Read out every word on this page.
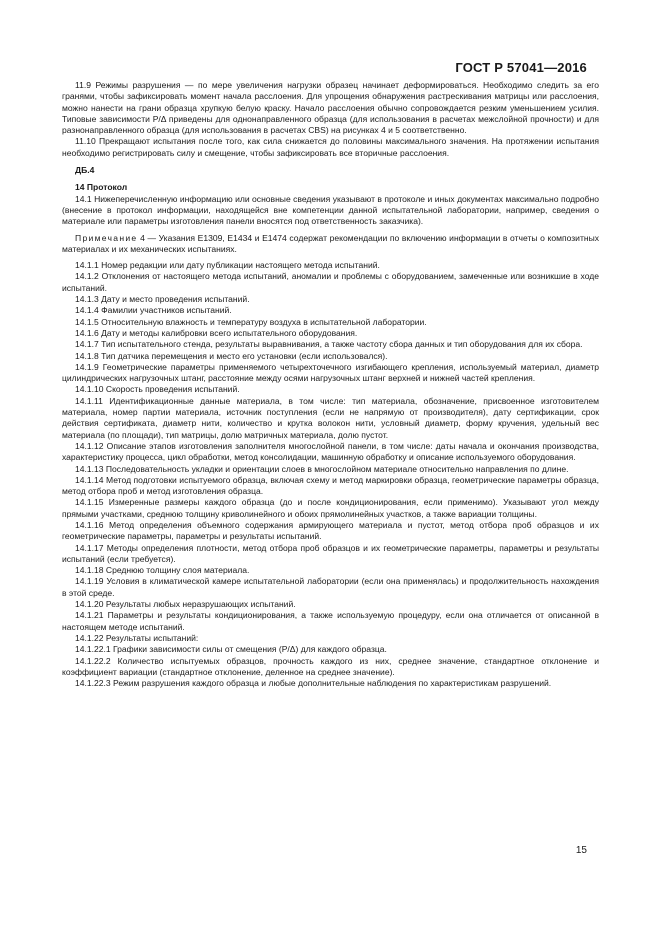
ГОСТ Р 57041—2016

11.9 Режимы разрушения — по мере увеличения нагрузки образец начинает деформироваться. Необходимо следить за его гранями, чтобы зафиксировать момент начала расслоения. Для упрощения обнаружения растрескивания матрицы или расслоения, можно нанести на грани образца хрупкую белую краску. Начало расслоения обычно сопровождается резким уменьшением усилия. Типовые зависимости P/Δ приведены для однонаправленного образца (для использования в расчетах межслойной прочности) и для разнонаправленного образца (для использования в расчетах CBS) на рисунках 4 и 5 соответственно.

11.10 Прекращают испытания после того, как сила снижается до половины максимального значения. На протяжении испытания необходимо регистрировать силу и смещение, чтобы зафиксировать все вторичные расслоения.

ДБ.4

14 Протокол

14.1 Нижеперечисленную информацию или основные сведения указывают в протоколе и иных документах максимально подробно (внесение в протокол информации, находящейся вне компетенции данной испытательной лаборатории, например, сведения о материале или параметры изготовления панели вносятся под ответственность заказчика).

Примечание 4 — Указания E1309, E1434 и E1474 содержат рекомендации по включению информации в отчеты о композитных материалах и их механических испытаниях.

14.1.1 Номер редакции или дату публикации настоящего метода испытаний.

14.1.2 Отклонения от настоящего метода испытаний, аномалии и проблемы с оборудованием, замеченные или возникшие в ходе испытаний.

14.1.3 Дату и место проведения испытаний.

14.1.4 Фамилии участников испытаний.

14.1.5 Относительную влажность и температуру воздуха в испытательной лаборатории.

14.1.6 Дату и методы калибровки всего испытательного оборудования.

14.1.7 Тип испытательного стенда, результаты выравнивания, а также частоту сбора данных и тип оборудования для их сбора.

14.1.8 Тип датчика перемещения и место его установки (если использовался).

14.1.9 Геометрические параметры применяемого четырехточечного изгибающего крепления, используемый материал, диаметр цилиндрических нагрузочных штанг, расстояние между осями нагрузочных штанг верхней и нижней частей крепления.

14.1.10 Скорость проведения испытаний.

14.1.11 Идентификационные данные материала, в том числе: тип материала, обозначение, присвоенное изготовителем материала, номер партии материала, источник поступления (если не напрямую от производителя), дату сертификации, срок действия сертификата, диаметр нити, количество и крутка волокон нити, условный диаметр, форму кручения, удельный вес материала (по площади), тип матрицы, долю матричных материала, долю пустот.

14.1.12 Описание этапов изготовления заполнителя многослойной панели, в том числе: даты начала и окончания производства, характеристику процесса, цикл обработки, метод консолидации, машинную обработку и описание используемого оборудования.

14.1.13 Последовательность укладки и ориентации слоев в многослойном материале относительно направления по длине.

14.1.14 Метод подготовки испытуемого образца, включая схему и метод маркировки образца, геометрические параметры образца, метод отбора проб и метод изготовления образца.

14.1.15 Измеренные размеры каждого образца (до и после кондиционирования, если применимо). Указывают угол между прямыми участками, среднюю толщину криволинейного и обоих прямолинейных участков, а также вариации толщины.

14.1.16 Метод определения объемного содержания армирующего материала и пустот, метод отбора проб образцов и их геометрические параметры, параметры и результаты испытаний.

14.1.17 Методы определения плотности, метод отбора проб образцов и их геометрические параметры, параметры и результаты испытаний (если требуется).

14.1.18 Среднюю толщину слоя материала.

14.1.19 Условия в климатической камере испытательной лаборатории (если она применялась) и продолжительность нахождения в этой среде.

14.1.20 Результаты любых неразрушающих испытаний.

14.1.21 Параметры и результаты кондиционирования, а также используемую процедуру, если она отличается от описанной в настоящем методе испытаний.

14.1.22 Результаты испытаний:

14.1.22.1 Графики зависимости силы от смещения (P/Δ) для каждого образца.

14.1.22.2 Количество испытуемых образцов, прочность каждого из них, среднее значение, стандартное отклонение и коэффициент вариации (стандартное отклонение, деленное на среднее значение).

14.1.22.3 Режим разрушения каждого образца и любые дополнительные наблюдения по характеристикам разрушений.

15
